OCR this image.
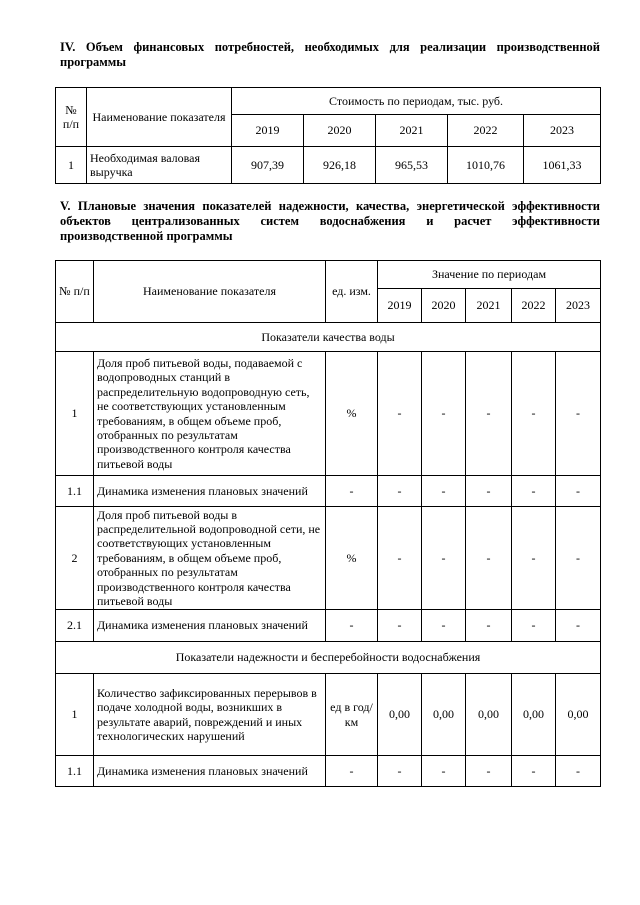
IV. Объем финансовых потребностей, необходимых для реализации производственной
программы
№ п/п	Наименование показателя	Стоимость по периодам, тыс. руб.				
		2019	2020	2021	2022	2023
1	Необходимая валовая выручка	907,39	926,18	965,53	1010,76	1061,33
V. Плановые значения показателей надежности, качества, энергетической эффективности
объектов централизованных систем водоснабжения и расчет эффективности
производственной программы
№ п/п	Наименование показателя	ед. изм.	Значение по периодам				
			2019	2020	2021	2022	2023
Показатели качества воды							
1	Доля проб питьевой воды, подаваемой с водопроводных станций в распределительную водопроводную сеть, не соответствующих установленным требованиям, в общем объеме проб, отобранных по результатам производственного контроля качества питьевой воды	%	-	-	-	-	-
1.1	Динамика изменения плановых значений	-	-	-	-	-	-
2	Доля проб питьевой воды в распределительной водопроводной сети, не соответствующих установленным требованиям, в общем объеме проб, отобранных по результатам производственного контроля качества питьевой воды	%	-	-	-	-	-
2.1	Динамика изменения плановых значений	-	-	-	-	-	-
Показатели надежности и бесперебойности водоснабжения							
1	Количество зафиксированных перерывов в подаче холодной воды, возникших в результате аварий, повреждений и иных технологических нарушений	ед в год/ км	0,00	0,00	0,00	0,00	0,00
1.1	Динамика изменения плановых значений	-	-	-	-	-	-
